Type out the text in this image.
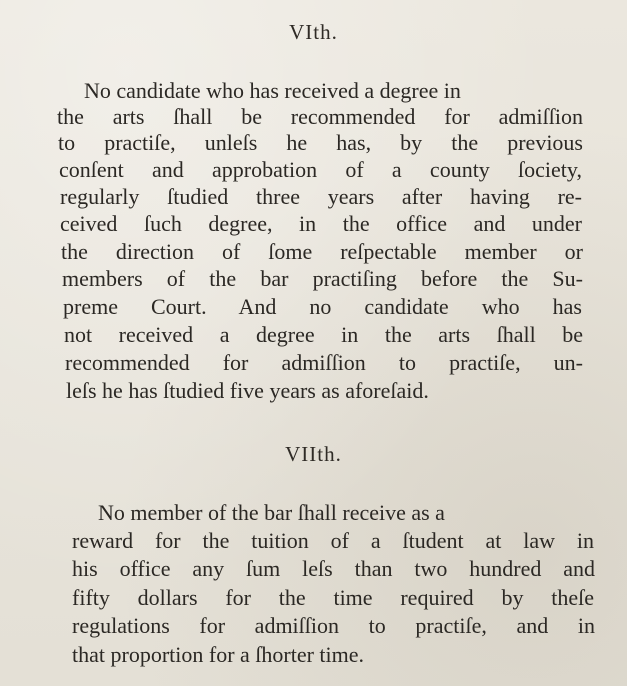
VIth.
No candidate who has received a degree in
the arts ſhall be recommended for admiſſion
to practiſe, unleſs he has, by the previous
conſent and approbation of a county ſociety,
regularly ſtudied three years after having re-
ceived ſuch degree, in the office and under
the direction of ſome reſpectable member or
members of the bar practiſing before the Su-
preme Court. And no candidate who has
not received a degree in the arts ſhall be
recommended for admiſſion to practiſe, un-
leſs he has ſtudied five years as aforeſaid.
VIIth.
No member of the bar ſhall receive as a
reward for the tuition of a ſtudent at law in
his office any ſum leſs than two hundred and
fifty dollars for the time required by theſe
regulations for admiſſion to practiſe, and in
that proportion for a ſhorter time.
